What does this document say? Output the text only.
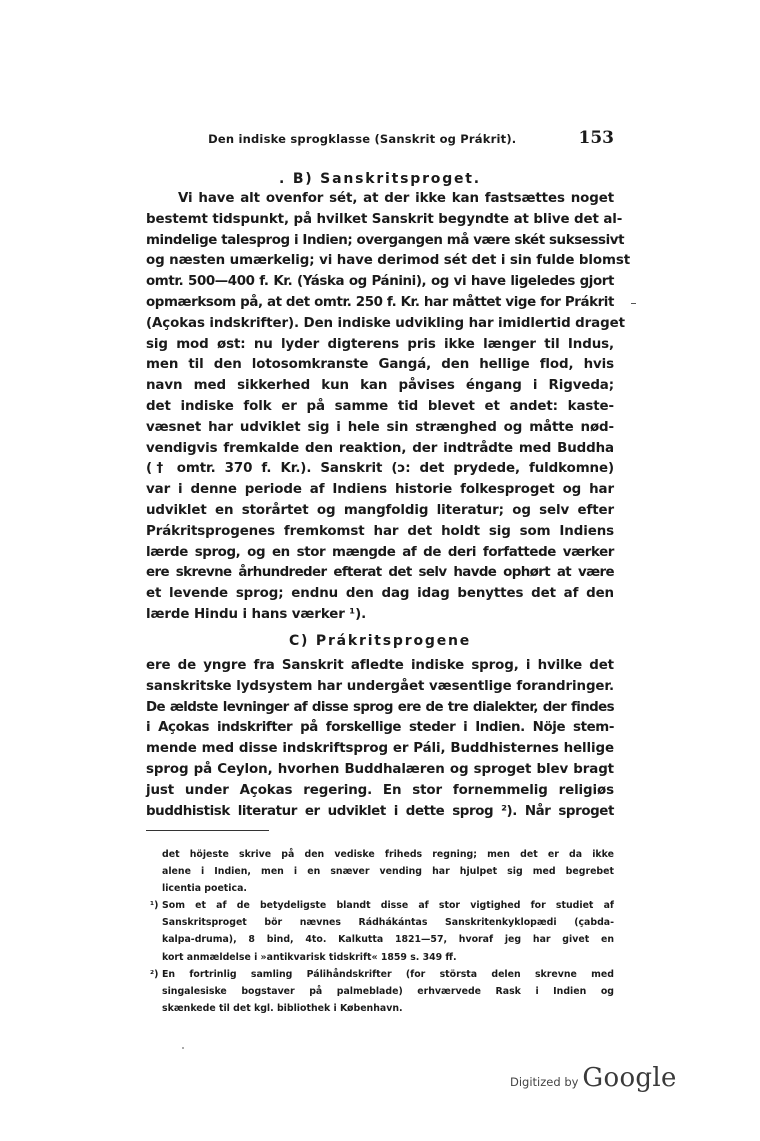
Den indiske sprogklasse (Sanskrit og Prákrit).	153
. B) Sanskritsproget.
Vi have alt ovenfor sét, at der ikke kan fastsættes noget
bestemt tidspunkt, på hvilket Sanskrit begyndte at blive det al-
mindelige talesprog i Indien; overgangen må være skét suksessivt
og næsten umærkelig; vi have derimod sét det i sin fulde blomst
omtr. 500—400 f. Kr. (Yáska og Pánini), og vi have ligeledes gjort
opmærksom på, at det omtr. 250 f. Kr. har måttet vige for Prákrit
(Açokas indskrifter). Den indiske udvikling har imidlertid draget
sig mod øst: nu lyder digterens pris ikke længer til Indus,
men til den lotosomkranste Gangá, den hellige flod, hvis
navn med sikkerhed kun kan påvises éngang i Rigveda;
det indiske folk er på samme tid blevet et andet: kaste-
væsnet har udviklet sig i hele sin strænghed og måtte nød-
vendigvis fremkalde den reaktion, der indtrådte med Buddha
(† omtr. 370 f. Kr.). Sanskrit (ɔ: det prydede, fuldkomne)
var i denne periode af Indiens historie folkesproget og har
udviklet en storårtet og mangfoldig literatur; og selv efter
Prákritsprogenes fremkomst har det holdt sig som Indiens
lærde sprog, og en stor mængde af de deri forfattede værker
ere skrevne århundreder efterat det selv havde ophørt at være
et levende sprog; endnu den dag idag benyttes det af den
lærde Hindu i hans værker ¹).
C) Prákritsprogene
ere de yngre fra Sanskrit afledte indiske sprog, i hvilke det
sanskritske lydsystem har undergået væsentlige forandringer.
De ældste levninger af disse sprog ere de tre dialekter, der findes
i Açokas indskrifter på forskellige steder i Indien. Nöje stem-
mende med disse indskriftsprog er Páli, Buddhisternes hellige
sprog på Ceylon, hvorhen Buddhalæren og sproget blev bragt
just under Açokas regering. En stor fornemmelig religiøs
buddhistisk literatur er udviklet i dette sprog ²). Når sproget
det höjeste skrive på den vediske friheds regning; men det er da ikke
alene i Indien, men i en snæver vending har hjulpet sig med begrebet
licentia poetica.
¹) Som et af de betydeligste blandt disse af stor vigtighed for studiet af
Sanskritsproget bör nævnes Rádhákántas Sanskritenkyklopædi (çabda-
kalpa-druma), 8 bind, 4to. Kalkutta 1821—57, hvoraf jeg har givet en
kort anmældelse i »antikvarisk tidskrift« 1859 s. 349 ff.
²) En fortrinlig samling Pálihåndskrifter (for största delen skrevne med
singalesiske bogstaver på palmeblade) erhværvede Rask i Indien og
skænkede til det kgl. bibliothek i København.
Digitized by Google
